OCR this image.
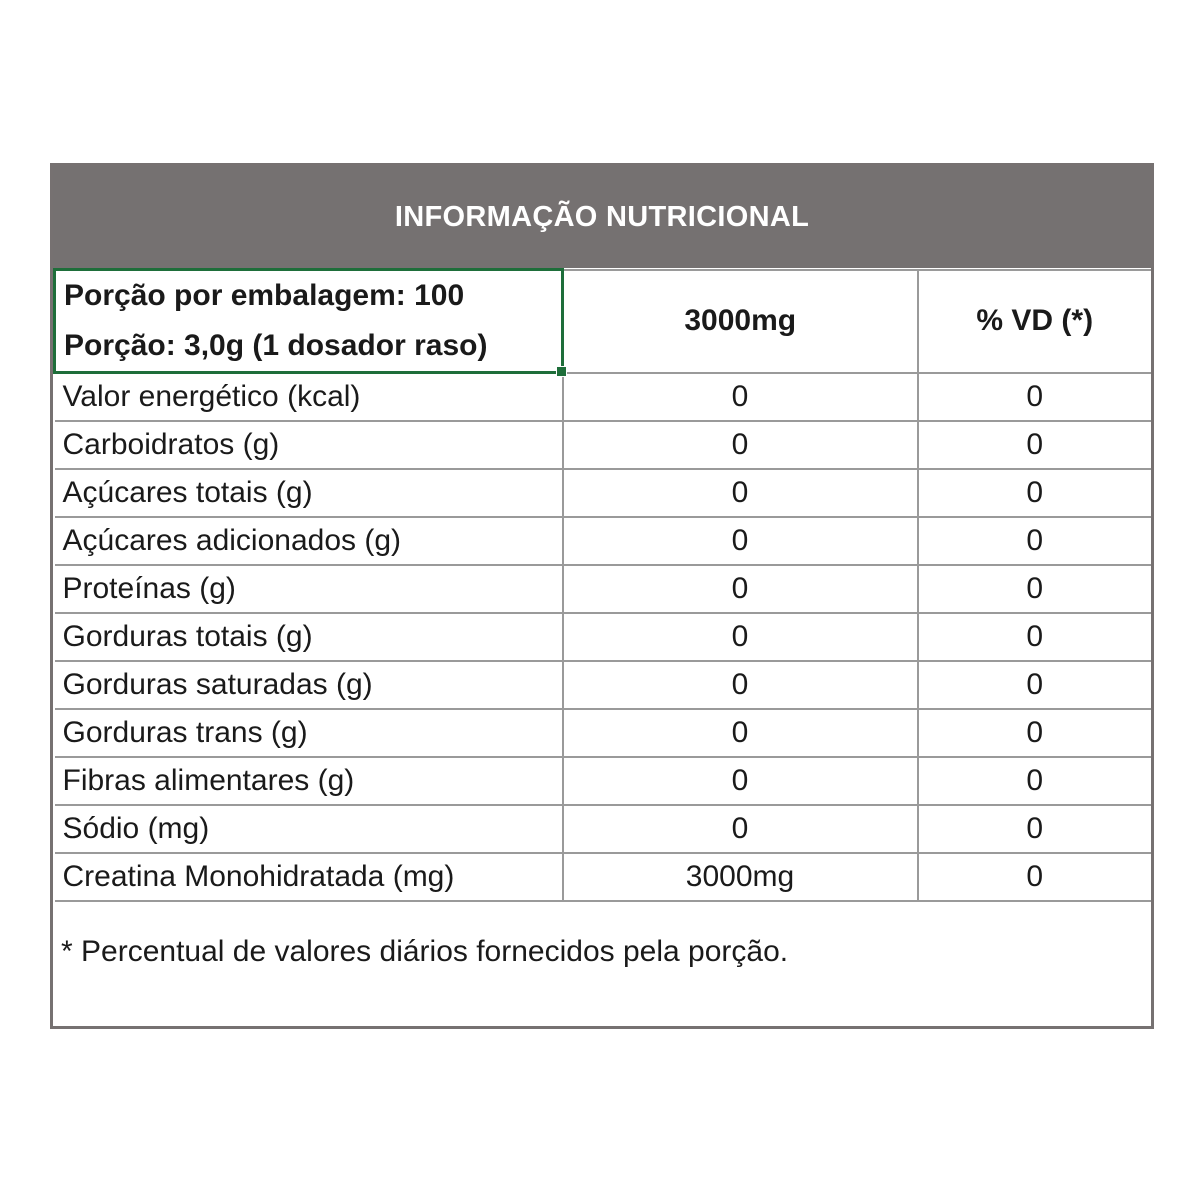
INFORMAÇÃO NUTRICIONAL
Porção por embalagem: 100
Porção: 3,0g (1 dosador raso)	3000mg	% VD (*)
Valor energético (kcal)	0	0
Carboidratos (g)	0	0
Açúcares totais (g)	0	0
Açúcares adicionados (g)	0	0
Proteínas (g)	0	0
Gorduras totais (g)	0	0
Gorduras saturadas (g)	0	0
Gorduras trans (g)	0	0
Fibras alimentares (g)	0	0
Sódio (mg)	0	0
Creatina Monohidratada (mg)	3000mg	0
* Percentual de valores diários fornecidos pela porção.
